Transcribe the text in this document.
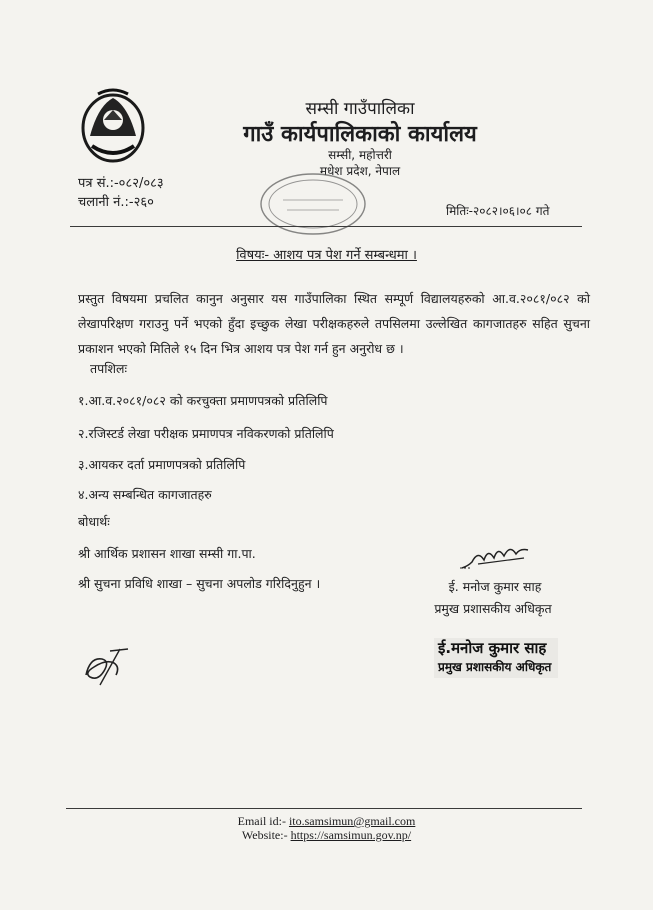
सम्सी गाउँपालिका
गाउँ कार्यपालिकाको कार्यालय
सम्सी, महोत्तरी
मधेश प्रदेश, नेपाल
पत्र सं.:-०८२/०८३
चलानी नं.:-२६०
मितिः-२०८२।०६।०८ गते
विषयः- आशय पत्र पेश गर्ने सम्बन्धमा ।
प्रस्तुत विषयमा प्रचलित कानुन अनुसार यस गाउँपालिका स्थित सम्पूर्ण विद्यालयहरुको आ.व.२०८१/०८२ को लेखापरिक्षण गराउनु पर्ने भएको हुँदा इच्छुक लेखा परीक्षकहरुले तपसिलमा उल्लेखित कागजातहरु सहित सुचना प्रकाशन भएको मितिले १५ दिन भित्र आशय पत्र पेश गर्न हुन अनुरोध छ ।
तपशिलः
१.आ.व.२०८१/०८२ को करचुक्ता प्रमाणपत्रको प्रतिलिपि
२.रजिस्टर्ड लेखा परीक्षक प्रमाणपत्र नविकरणको प्रतिलिपि
३.आयकर दर्ता प्रमाणपत्रको प्रतिलिपि
४.अन्य सम्बन्धित कागजातहरु
बोधार्थः
श्री आर्थिक प्रशासन शाखा सम्सी गा.पा.
श्री सुचना प्रविधि शाखा – सुचना अपलोड गरिदिनुहुन ।	ई. मनोज कुमार साह
प्रमुख प्रशासकीय अधिकृत
ई.मनोज कुमार साह
प्रमुख प्रशासकीय अधिकृत
Email id:- ito.samsimun@gmail.com
Website:- https://samsimun.gov.np/
